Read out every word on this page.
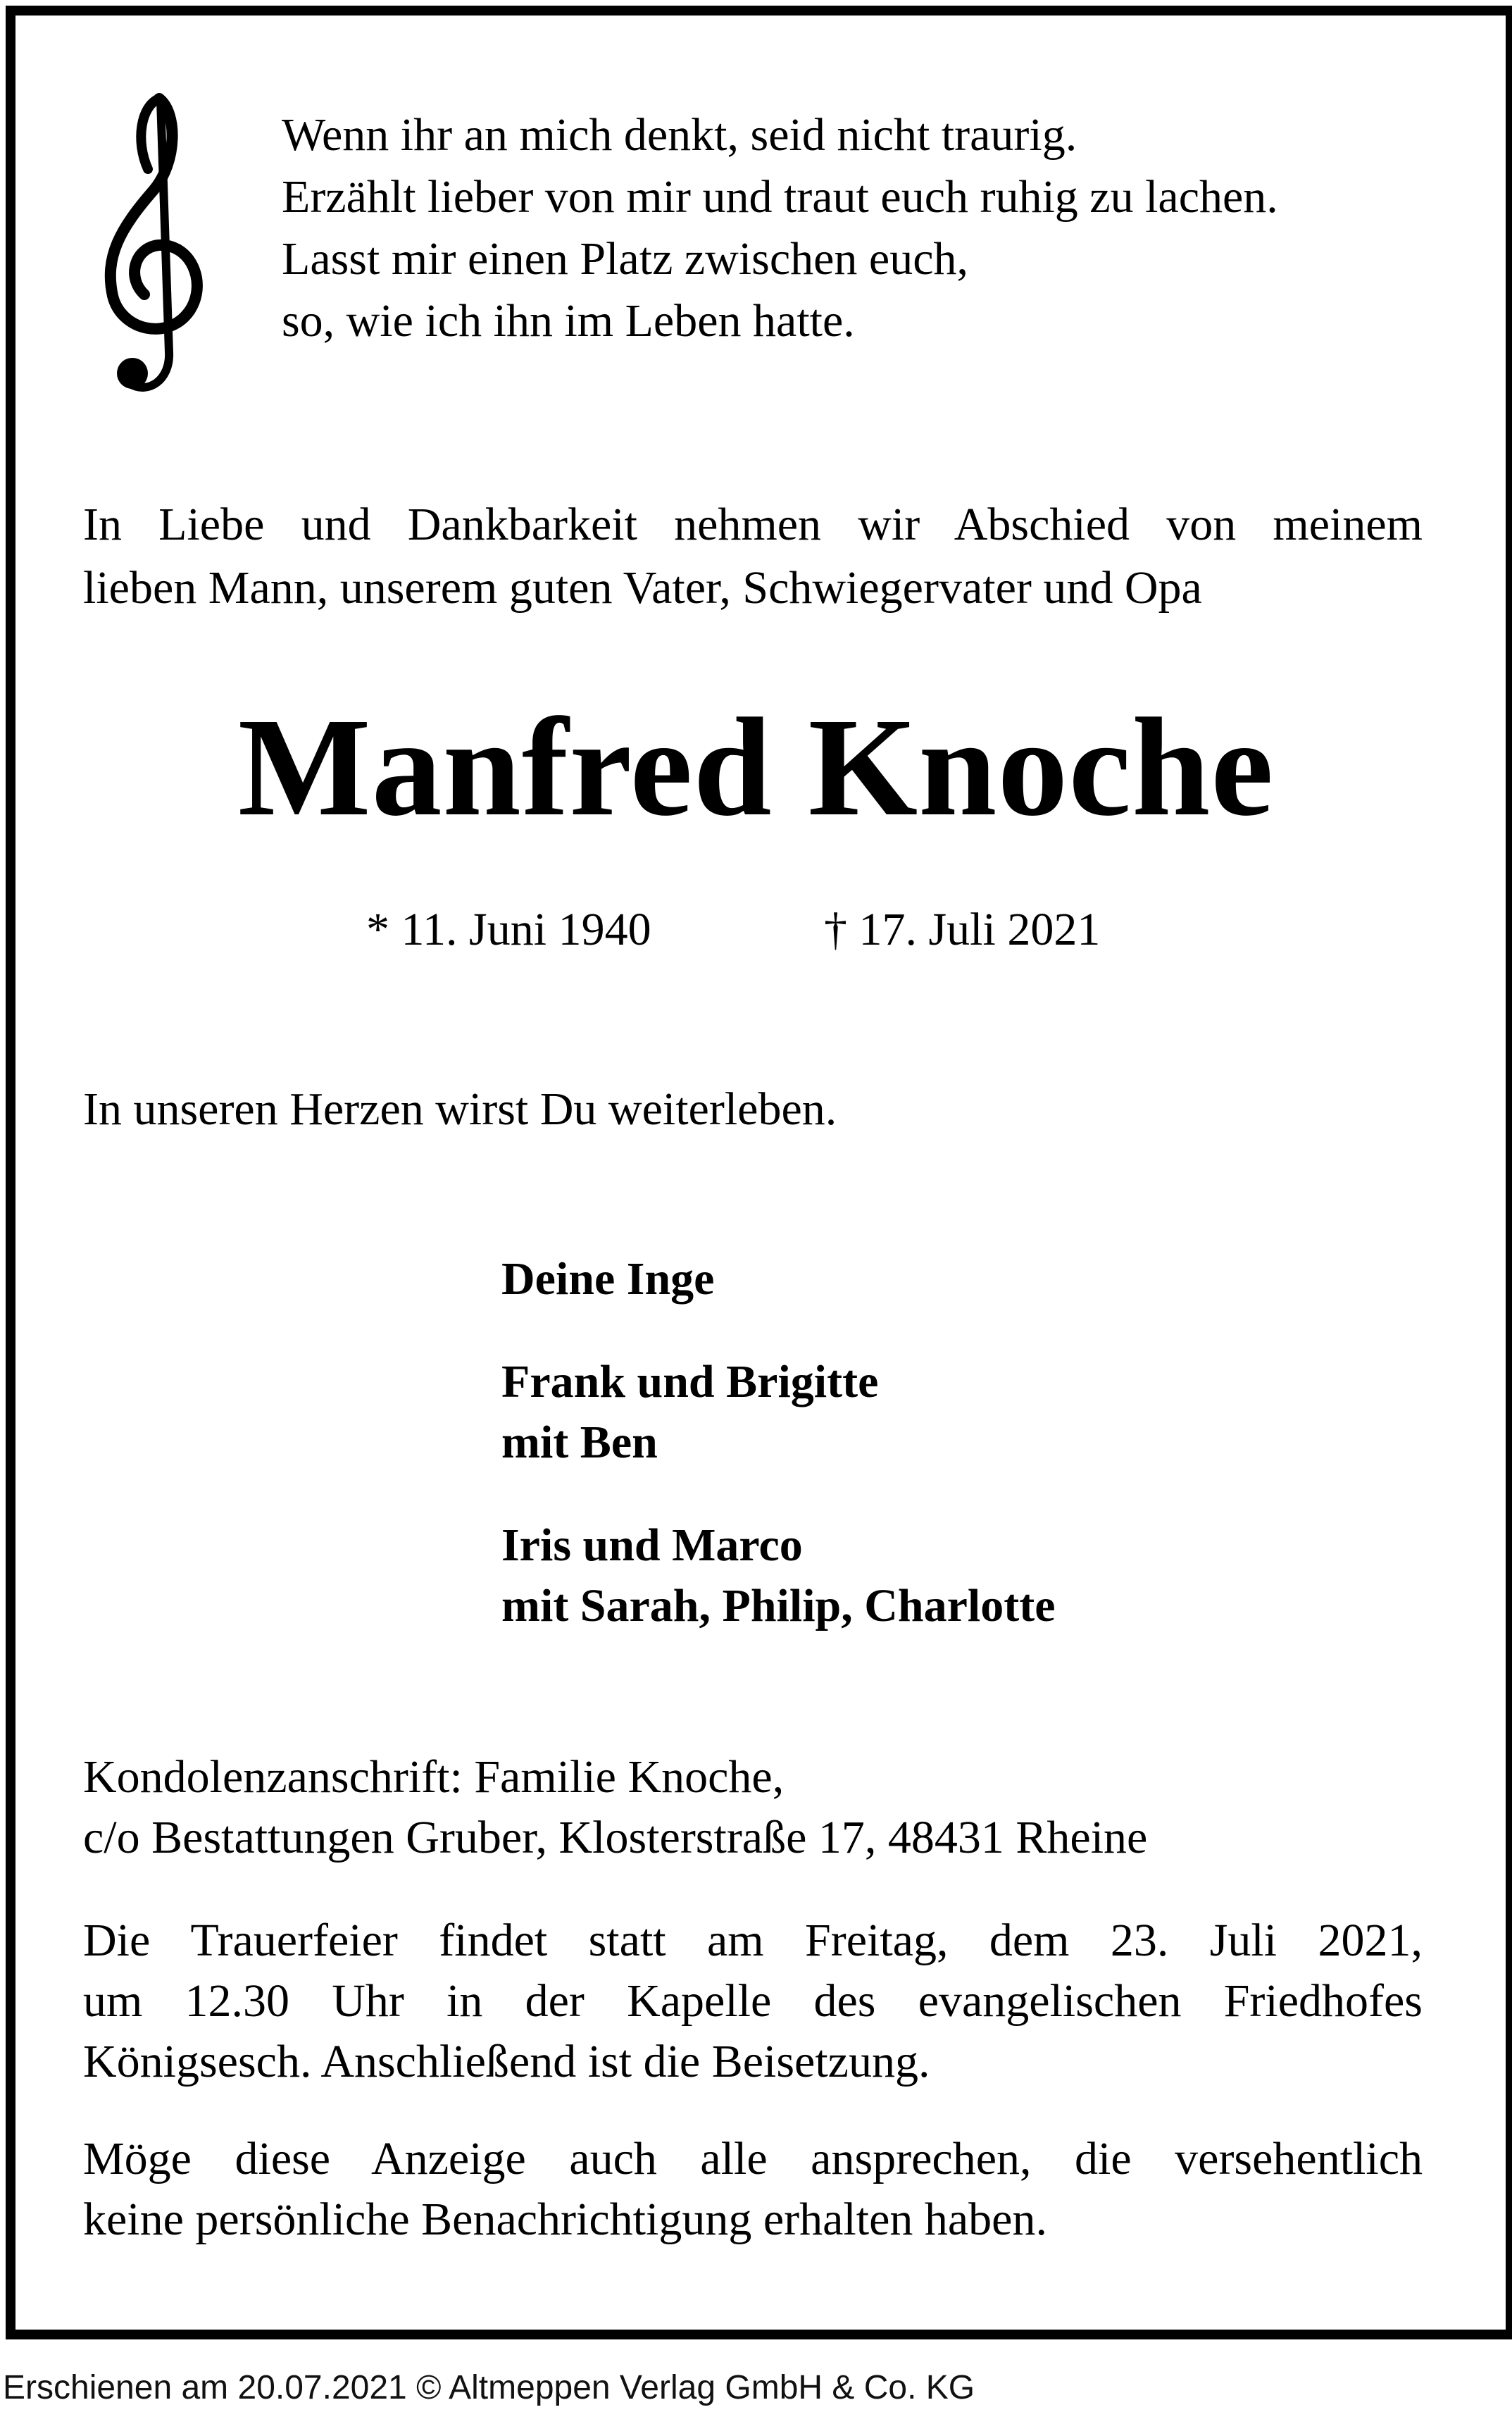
Wenn ihr an mich denkt, seid nicht traurig.
Erzählt lieber von mir und traut euch ruhig zu lachen.
Lasst mir einen Platz zwischen euch,
so, wie ich ihn im Leben hatte.
In Liebe und Dankbarkeit nehmen wir Abschied von meinem
lieben Mann, unserem guten Vater, Schwiegervater und Opa
Manfred Knoche
* 11. Juni 1940	† 17. Juli 2021
In unseren Herzen wirst Du weiterleben.
Deine Inge
Frank und Brigitte
mit Ben
Iris und Marco
mit Sarah, Philip, Charlotte
Kondolenzanschrift: Familie Knoche,
c/o Bestattungen Gruber, Klosterstraße 17, 48431 Rheine
Die Trauerfeier findet statt am Freitag, dem 23. Juli 2021,
um 12.30 Uhr in der Kapelle des evangelischen Friedhofes
Königsesch. Anschließend ist die Beisetzung.
Möge diese Anzeige auch alle ansprechen, die versehentlich
keine persönliche Benachrichtigung erhalten haben.
Erschienen am 20.07.2021 © Altmeppen Verlag GmbH & Co. KG
